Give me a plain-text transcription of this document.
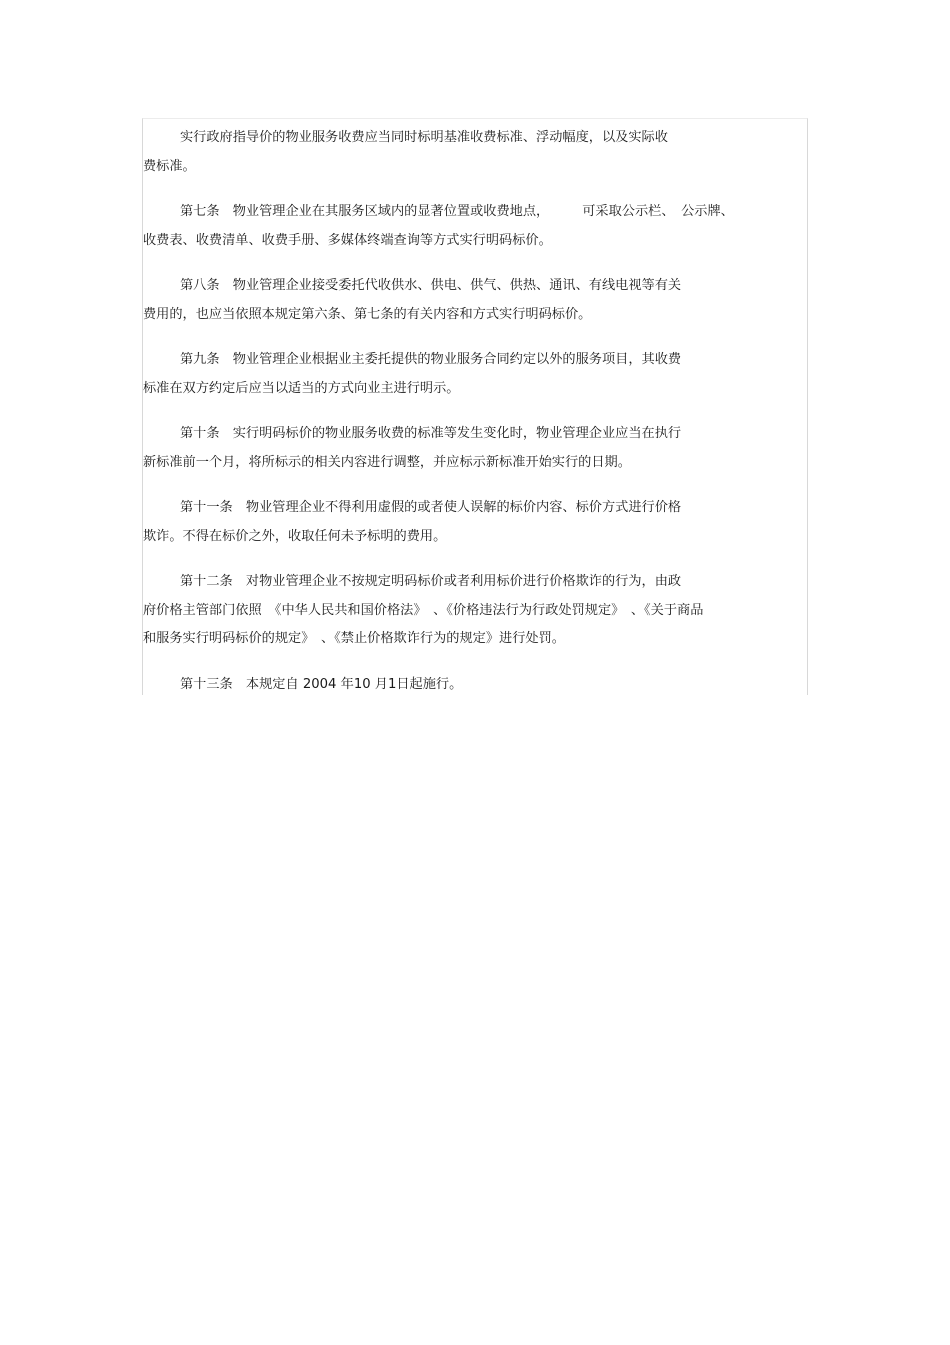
实行政府指导价的物业服务收费应当同时标明基准收费标准、浮动幅度，以及实际收
费标准。
第七条　物业管理企业在其服务区域内的显著位置或收费地点，　　　可采取公示栏、　公示牌、
收费表、收费清单、收费手册、多媒体终端查询等方式实行明码标价。
第八条　物业管理企业接受委托代收供水、供电、供气、供热、通讯、有线电视等有关
费用的，也应当依照本规定第六条、第七条的有关内容和方式实行明码标价。
第九条　物业管理企业根据业主委托提供的物业服务合同约定以外的服务项目，其收费
标准在双方约定后应当以适当的方式向业主进行明示。
第十条　实行明码标价的物业服务收费的标准等发生变化时，物业管理企业应当在执行
新标准前一个月，将所标示的相关内容进行调整，并应标示新标准开始实行的日期。
第十一条　物业管理企业不得利用虚假的或者使人误解的标价内容、标价方式进行价格
欺诈。不得在标价之外，收取任何未予标明的费用。
第十二条　对物业管理企业不按规定明码标价或者利用标价进行价格欺诈的行为，由政
府价格主管部门依照　《中华人民共和国价格法》　、《价格违法行为行政处罚规定》　、《关于商品
和服务实行明码标价的规定》　、《禁止价格欺诈行为的规定》进行处罚。
第十三条　本规定自 2004 年10 月1日起施行。
